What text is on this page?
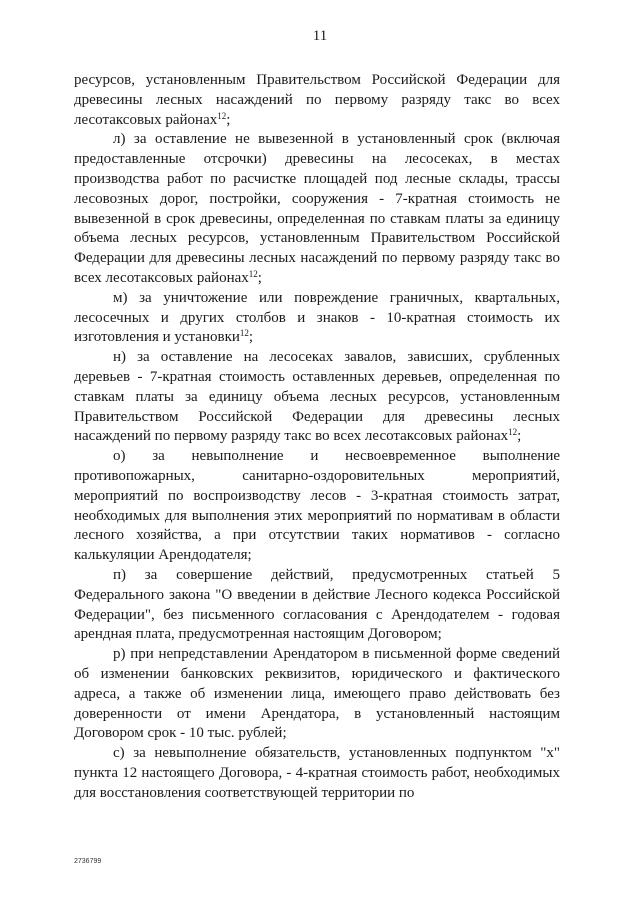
11

ресурсов, установленным Правительством Российской Федерации для древесины лесных насаждений по первому разряду такс во всех лесотаксовых районах$^{12}$;

л) за оставление не вывезенной в установленный срок (включая предоставленные отсрочки) древесины на лесосеках, в местах производства работ по расчистке площадей под лесные склады, трассы лесовозных дорог, постройки, сооружения - 7-кратная стоимость не вывезенной в срок древесины, определенная по ставкам платы за единицу объема лесных ресурсов, установленным Правительством Российской Федерации для древесины лесных насаждений по первому разряду такс во всех лесотаксовых районах$^{12}$;

м) за уничтожение или повреждение граничных, квартальных, лесосечных и других столбов и знаков - 10-кратная стоимость их изготовления и установки$^{12}$;

н) за оставление на лесосеках завалов, зависших, срубленных деревьев - 7-кратная стоимость оставленных деревьев, определенная по ставкам платы за единицу объема лесных ресурсов, установленным Правительством Российской Федерации для древесины лесных насаждений по первому разряду такс во всех лесотаксовых районах$^{12}$;

о) за невыполнение и несвоевременное выполнение противопожарных, санитарно-оздоровительных мероприятий, мероприятий по воспроизводству лесов - 3-кратная стоимость затрат, необходимых для выполнения этих мероприятий по нормативам в области лесного хозяйства, а при отсутствии таких нормативов - согласно калькуляции Арендодателя;

п) за совершение действий, предусмотренных статьей 5 Федерального закона "О введении в действие Лесного кодекса Российской Федерации", без письменного согласования с Арендодателем - годовая арендная плата, предусмотренная настоящим Договором;

р) при непредставлении Арендатором в письменной форме сведений об изменении банковских реквизитов, юридического и фактического адреса, а также об изменении лица, имеющего право действовать без доверенности от имени Арендатора, в установленный настоящим Договором срок - 10 тыс. рублей;

с) за невыполнение обязательств, установленных подпунктом "х" пункта 12 настоящего Договора, - 4-кратная стоимость работ, необходимых для восстановления соответствующей территории по

2736799
